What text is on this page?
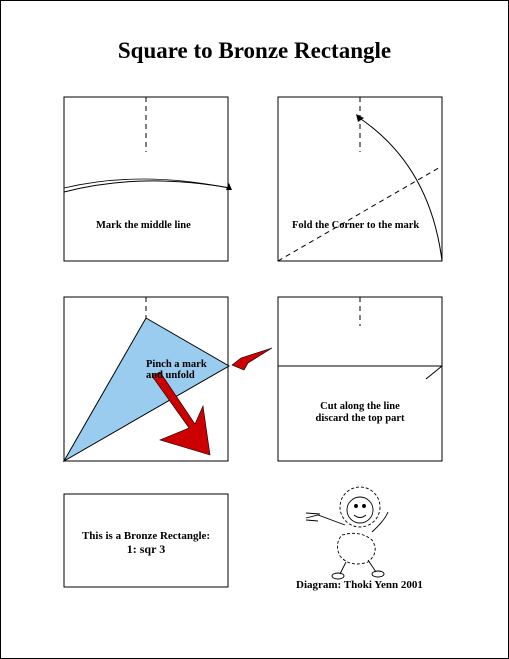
Square to Bronze Rectangle
Mark the middle line	Fold the Corner to the mark
Pinch a mark
and unfold
Cut along the line
discard the top part
This is a Bronze Rectangle:
1: sqr 3
Diagram: Thoki Yenn 2001
